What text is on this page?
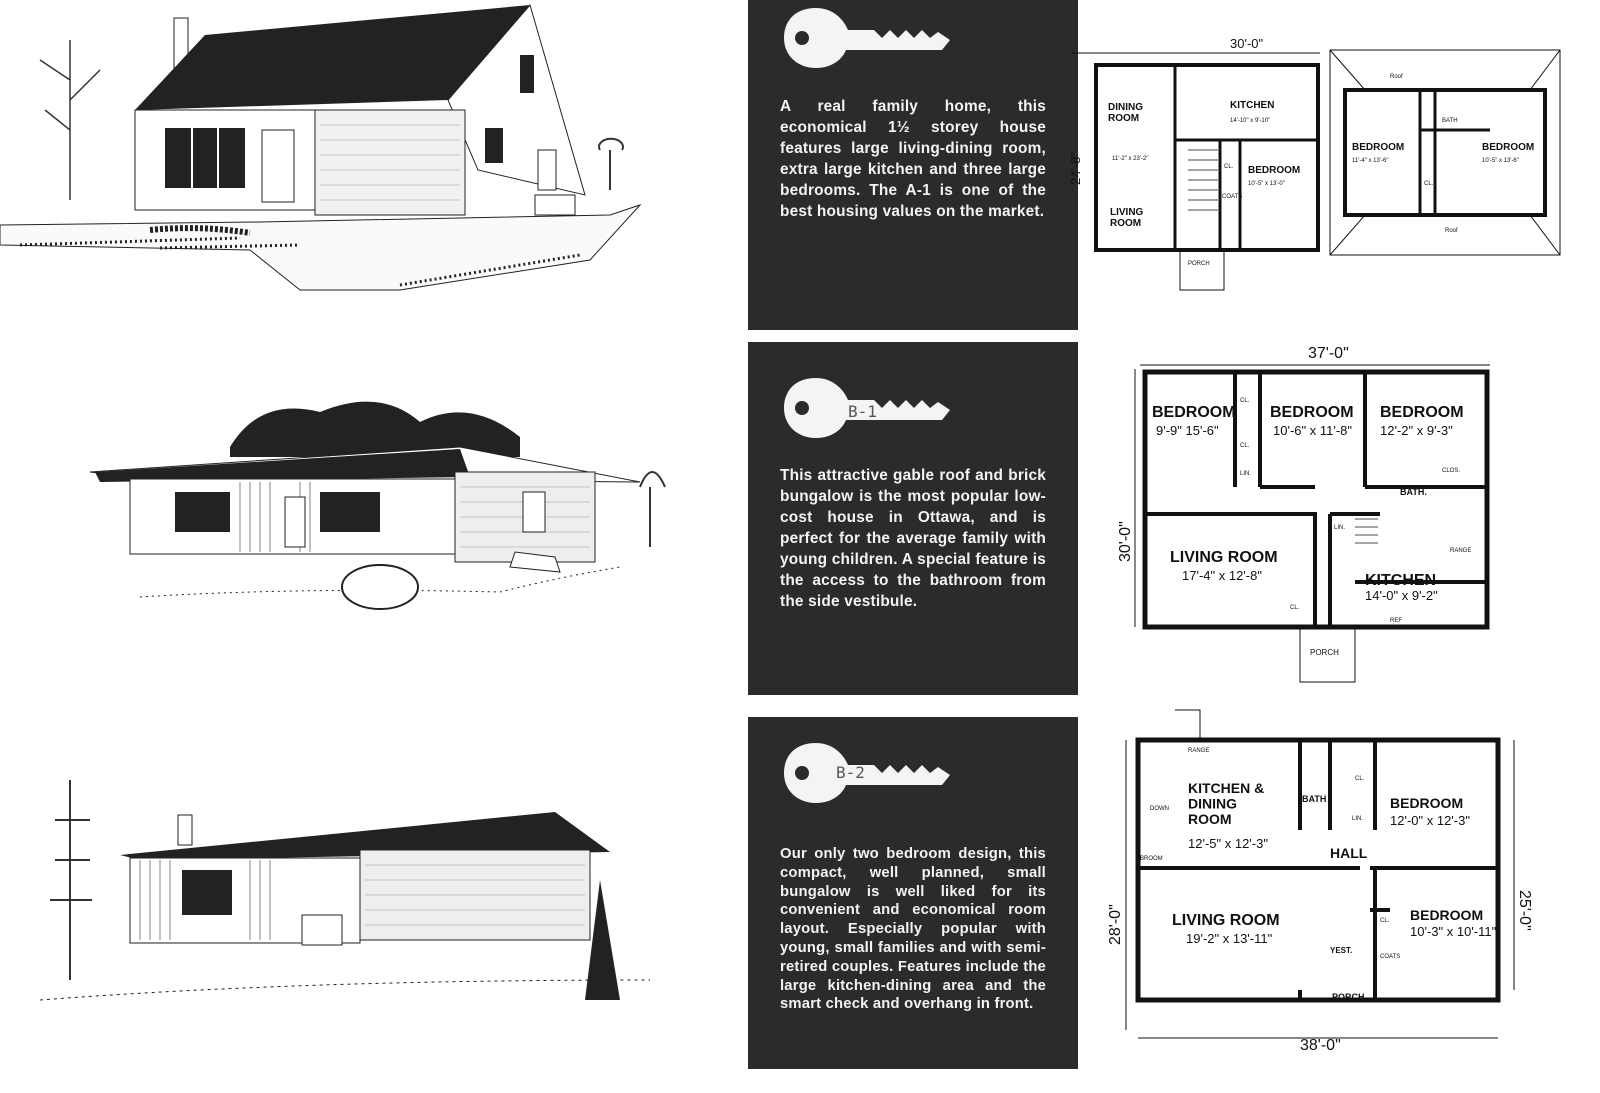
A real family home, this economical 1½ storey house features large living-dining room, extra large kitchen and three large bedrooms. The A-1 is one of the best housing values on the market.
30'-0"
24'-8"
DINING ROOM
11'-2" x 23'-2"
LIVING ROOM
KITCHEN
14'-10" x 9'-10"
BEDROOM
10'-5" x 13'-0"
CL.
COATS
PORCH
Roof
BATH
BEDROOM
11'-4" x 13'-6"
BEDROOM
10'-5" x 13'-6"
CL.
Roof
B-1
This attractive gable roof and brick bungalow is the most popular low-cost house in Ottawa, and is perfect for the average family with young children. A special feature is the access to the bathroom from the side vestibule.
37'-0"
30'-0"
BEDROOM
9'-9" 15'-6"
BEDROOM
10'-6" x 11'-8"
BEDROOM
12'-2" x 9'-3"
LIVING ROOM
17'-4" x 12'-8"	KITCHEN
14'-0" x 9'-2"
BATH.
CL.
CL.
LIN.	CLOS.
LIN.
RANGE
REF
CL.
PORCH
B-2
Our only two bedroom design, this compact, well planned, small bungalow is well liked for its convenient and economical room layout. Especially popular with young, small families and with semi-retired couples. Features include the large kitchen-dining area and the smart check and overhang in front.
28'-0"	25'-0"
KITCHEN & DINING ROOM
12'-5" x 12'-3"
BATH
HALL
BEDROOM
12'-0" x 12'-3"
BEDROOM
10'-3" x 10'-11"
LIVING ROOM
19'-2" x 13'-11"
YEST.
COATS
CL.
CL.
LIN.
BROOM
DOWN
RANGE
PORCH
38'-0"
